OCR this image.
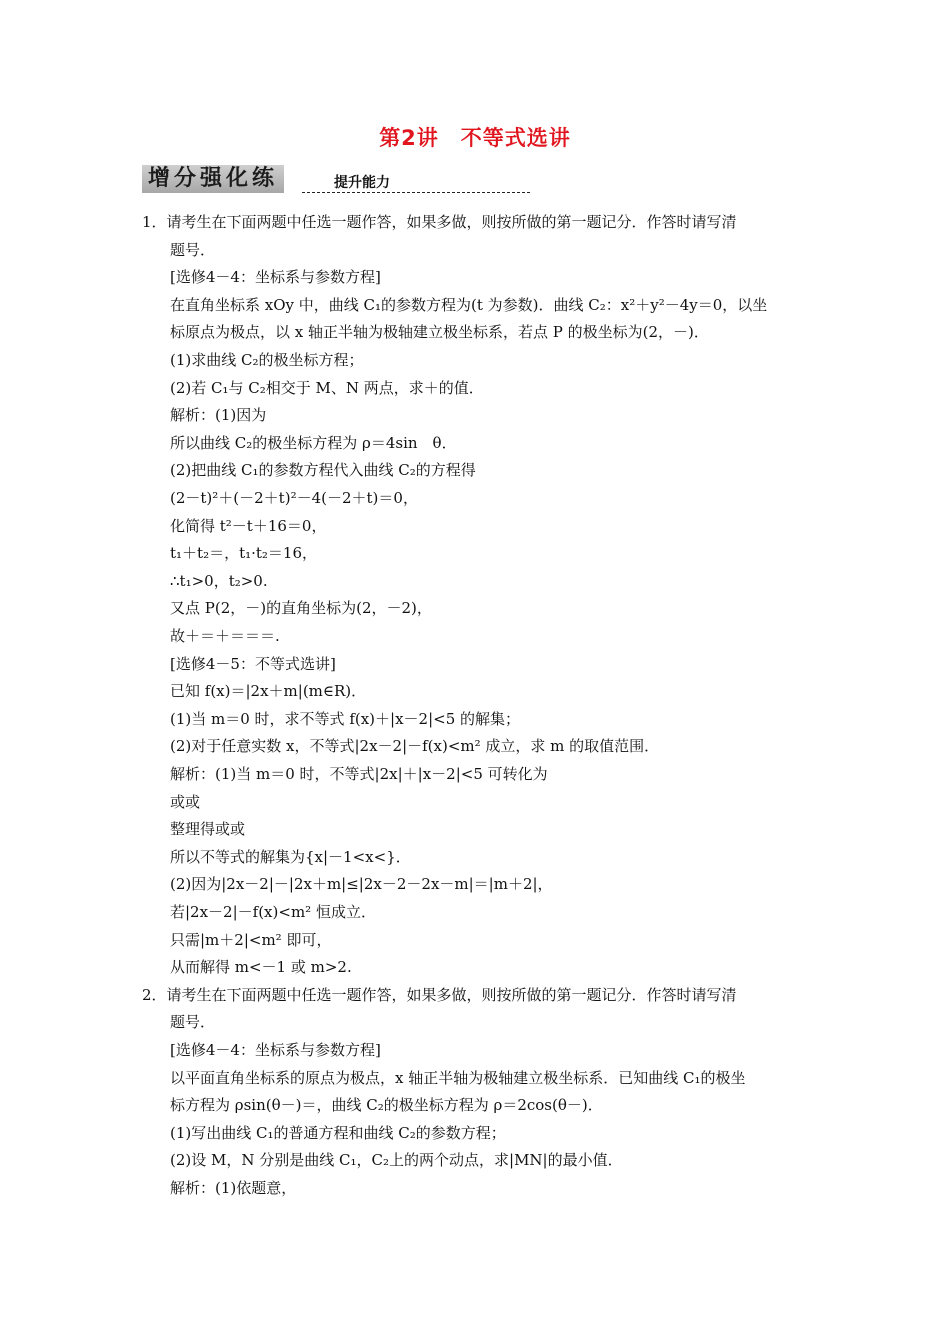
第2讲　不等式选讲
增分强化练	提升能力
1．请考生在下面两题中任选一题作答，如果多做，则按所做的第一题记分．作答时请写清
题号．
[选修4－4：坐标系与参数方程]
在直角坐标系 xOy 中，曲线 C₁的参数方程为(t 为参数)．曲线 C₂：x²＋y²－4y＝0，以坐
标原点为极点，以 x 轴正半轴为极轴建立极坐标系，若点 P 的极坐标为(2，－)．
(1)求曲线 C₂的极坐标方程；
(2)若 C₁与 C₂相交于 M、N 两点，求＋的值．
解析：(1)因为
所以曲线 C₂的极坐标方程为 ρ＝4sin　θ．
(2)把曲线 C₁的参数方程代入曲线 C₂的方程得
(2－t)²＋(－2＋t)²－4(－2＋t)＝0，
化简得 t²－t＋16＝0，
t₁＋t₂＝，t₁·t₂＝16，
∴t₁>0，t₂>0.
又点 P(2，－)的直角坐标为(2，－2)，
故＋＝＋＝＝＝.
[选修4－5：不等式选讲]
已知 f(x)＝|2x＋m|(m∈R)．
(1)当 m＝0 时，求不等式 f(x)＋|x－2|<5 的解集；
(2)对于任意实数 x，不等式|2x－2|－f(x)<m² 成立，求 m 的取值范围．
解析：(1)当 m＝0 时，不等式|2x|＋|x－2|<5 可转化为
或或
整理得或或
所以不等式的解集为{x|－1<x<}．
(2)因为|2x－2|－|2x＋m|≤|2x－2－2x－m|＝|m＋2|，
若|2x－2|－f(x)<m² 恒成立．
只需|m＋2|<m² 即可，
从而解得 m<－1 或 m>2.
2．请考生在下面两题中任选一题作答，如果多做，则按所做的第一题记分．作答时请写清
题号．
[选修4－4：坐标系与参数方程]
以平面直角坐标系的原点为极点，x 轴正半轴为极轴建立极坐标系．已知曲线 C₁的极坐
标方程为 ρsin(θ－)＝，曲线 C₂的极坐标方程为 ρ＝2cos(θ－)．
(1)写出曲线 C₁的普通方程和曲线 C₂的参数方程；
(2)设 M，N 分别是曲线 C₁，C₂上的两个动点，求|MN|的最小值．
解析：(1)依题意，
